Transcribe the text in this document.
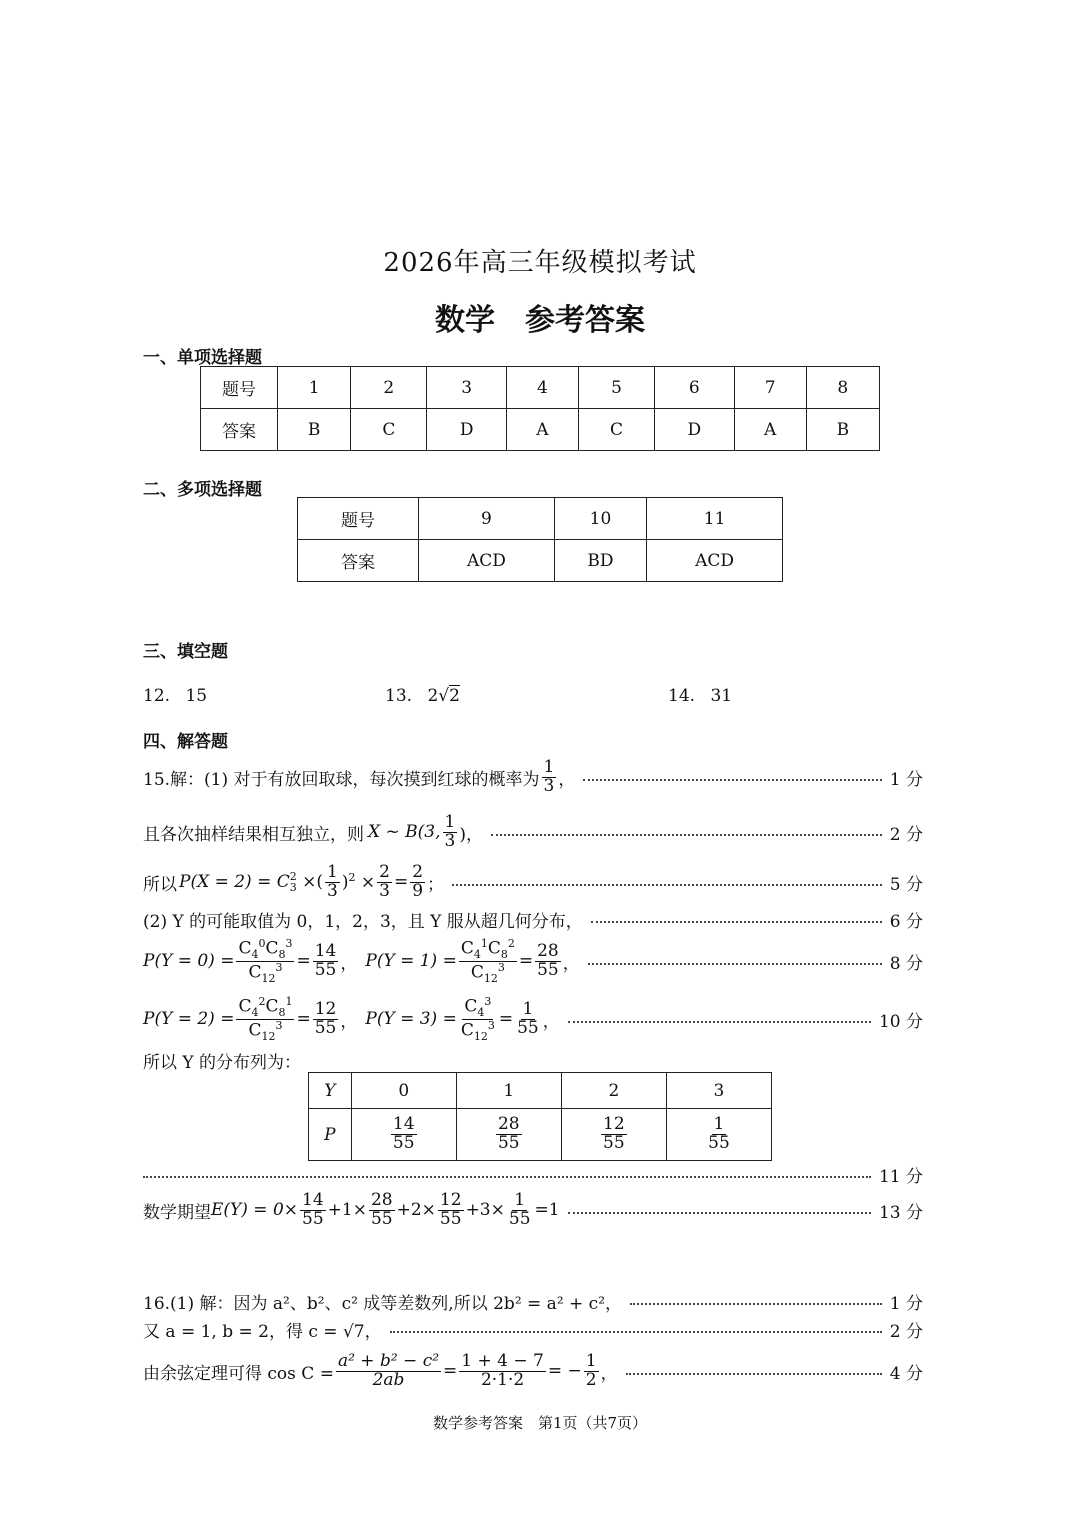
2026年高三年级模拟考试
数学　参考答案
一、单项选择题
题号	1	2	3	4	5	6	7	8
答案	B	C	D	A	C	D	A	B
二、多项选择题
题号	9	10	11
答案	ACD	BD	ACD
三、填空题
12. 15	13. 2√2	14. 31
四、解答题
15.解：(1) 对于有放回取球，每次摸到红球的概率为 $\frac{1}{3}$ ，	1 分
且各次抽样结果相互独立，则 X ~ B(3, $\frac{1}{3}$ )，	2 分
所以 P(X = 2) = C 2
3 ×( $\frac{1}{3} )^2 \times \frac{2}{3} = \frac{2}{9}$ ；	5 分
(2) Y 的可能取值为 0，1，2，3，且 Y 服从超几何分布，	6 分
$P(Y = 0) = \frac{C_4^0C_8^3}{C_{12}^3} = \frac{14}{55}$ ， $P(Y = 1) = \frac{C_4^1C_8^2}{C_{12}^3} = \frac{28}{55}$ ，	8 分
$P(Y = 2) = \frac{C_4^2C_8^1}{C_{12}^3} = \frac{12}{55}$ ， $P(Y = 3) = \frac{C_4^3}{C_{12}^3} = \frac{1}{55}$ ，	10 分
所以 Y 的分布列为：
Y	0	1	2	3
P	$\frac{14}{55}$	$\frac{28}{55}$	$\frac{12}{55}$	$\frac{1}{55}$
11 分
数学期望 $E(Y) = 0\times \frac{14}{55} +1\times \frac{28}{55} +2\times \frac{12}{55} +3\times \frac{1}{55} =1$	13 分
16.(1) 解：因为 a²、b²、c² 成等差数列,所以 2b² = a² + c²，	1 分
又 a = 1, b = 2，得 c = √7，	2 分
由余弦定理可得 $\cos C = \frac{\text{a² + b² − c²}}{2ab} = \frac{1 + 4 - 7}{2\cdot 1\cdot 2}$ = − $\frac{1}{2}$ ，	4 分
数学参考答案　第1页（共7页）
